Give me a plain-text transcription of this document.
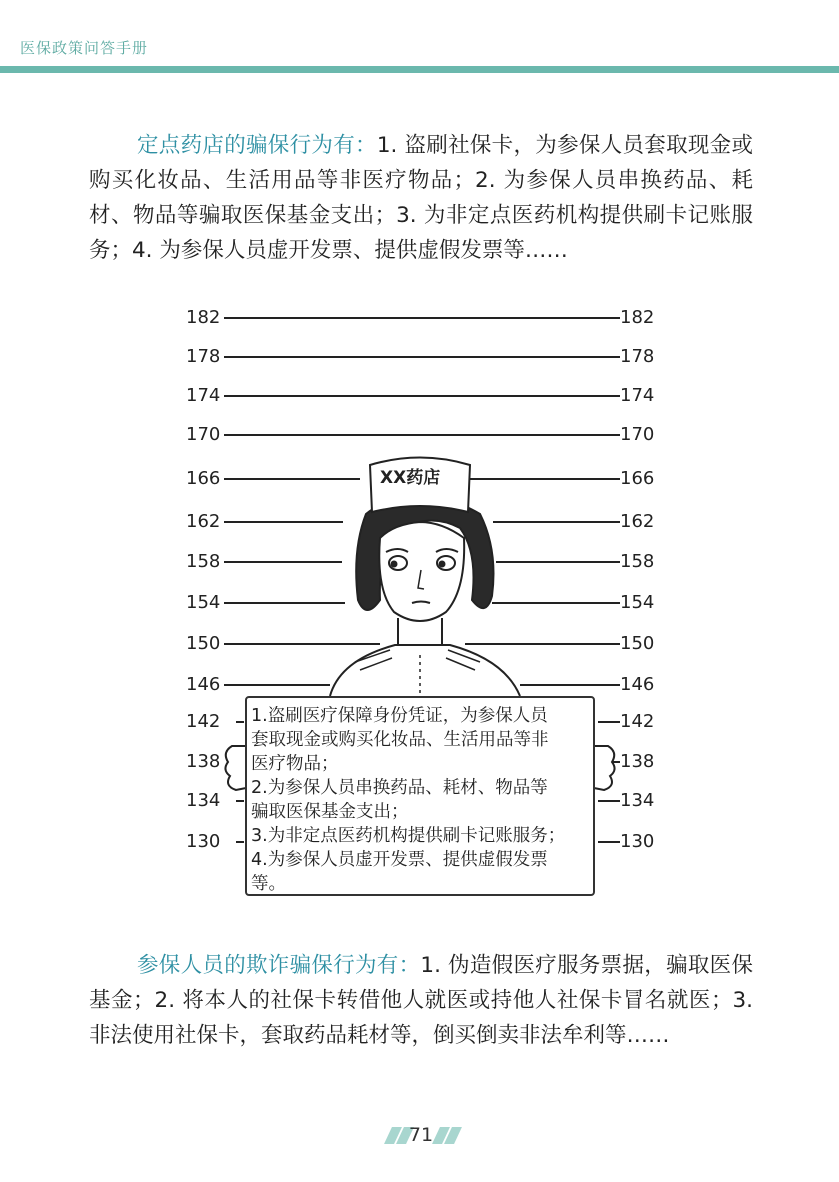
医保政策问答手册

定点药店的骗保行为有：1. 盗刷社保卡，为参保人员套取现金或购买化妆品、生活用品等非医疗物品；2. 为参保人员串换药品、耗材、物品等骗取医保基金支出；3. 为非定点医药机构提供刷卡记账服务；4. 为参保人员虚开发票、提供虚假发票等……

182	182
178	178
174	174
170	170
166	166
162	162
158	158
154	154
150	150
146	146
142	142
138	138
134	134
130	130
XX药店
1.盗刷医疗保障身份凭证，为参保人员
套取现金或购买化妆品、生活用品等非
医疗物品；
2.为参保人员串换药品、耗材、物品等
骗取医保基金支出；
3.为非定点医药机构提供刷卡记账服务；
4.为参保人员虚开发票、提供虚假发票
等。

参保人员的欺诈骗保行为有：1. 伪造假医疗服务票据，骗取医保基金；2. 将本人的社保卡转借他人就医或持他人社保卡冒名就医；3. 非法使用社保卡，套取药品耗材等，倒买倒卖非法牟利等……

71
